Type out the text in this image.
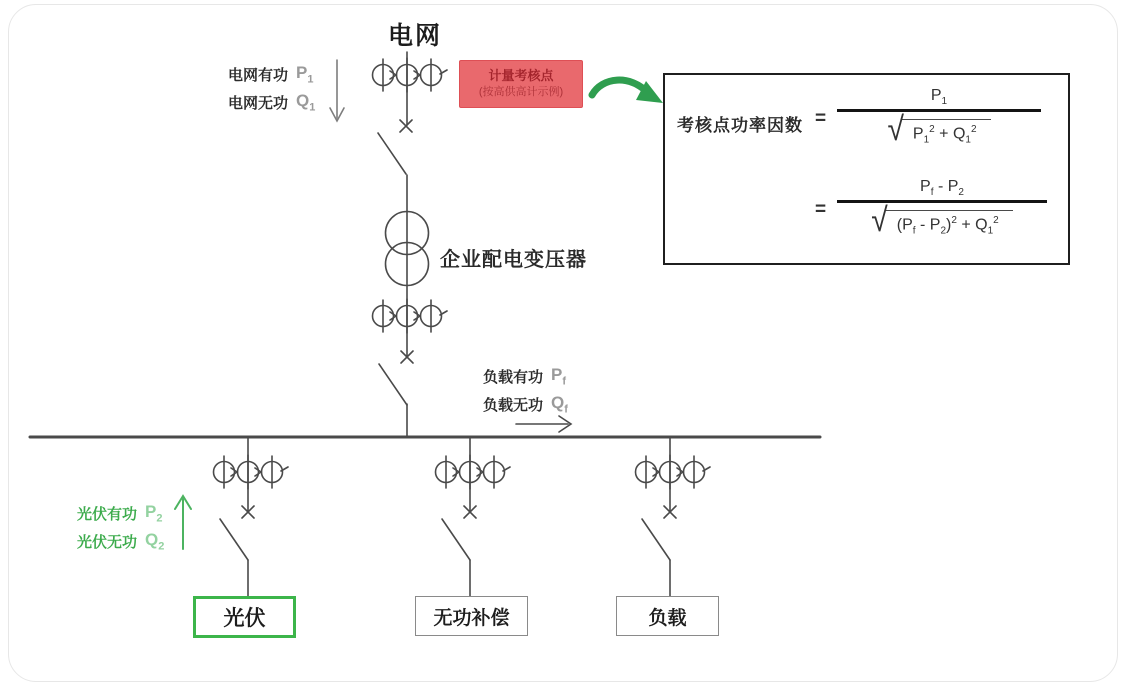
电网
电网有功 $P_1$
电网无功 $Q_1$
计量考核点
(按高供高计示例)
企业配电变压器
负载有功 $P_f$
负载无功 $Q_f$
光伏有功 $P_2$
光伏无功 $Q_2$
光伏	无功补偿	负载
考核点功率因数 =
$P_1$
√ $P_1^2 + Q_1^2$
=
$P_f - P_2$
√ $(P_f - P_2)^2 + Q_1^2$
